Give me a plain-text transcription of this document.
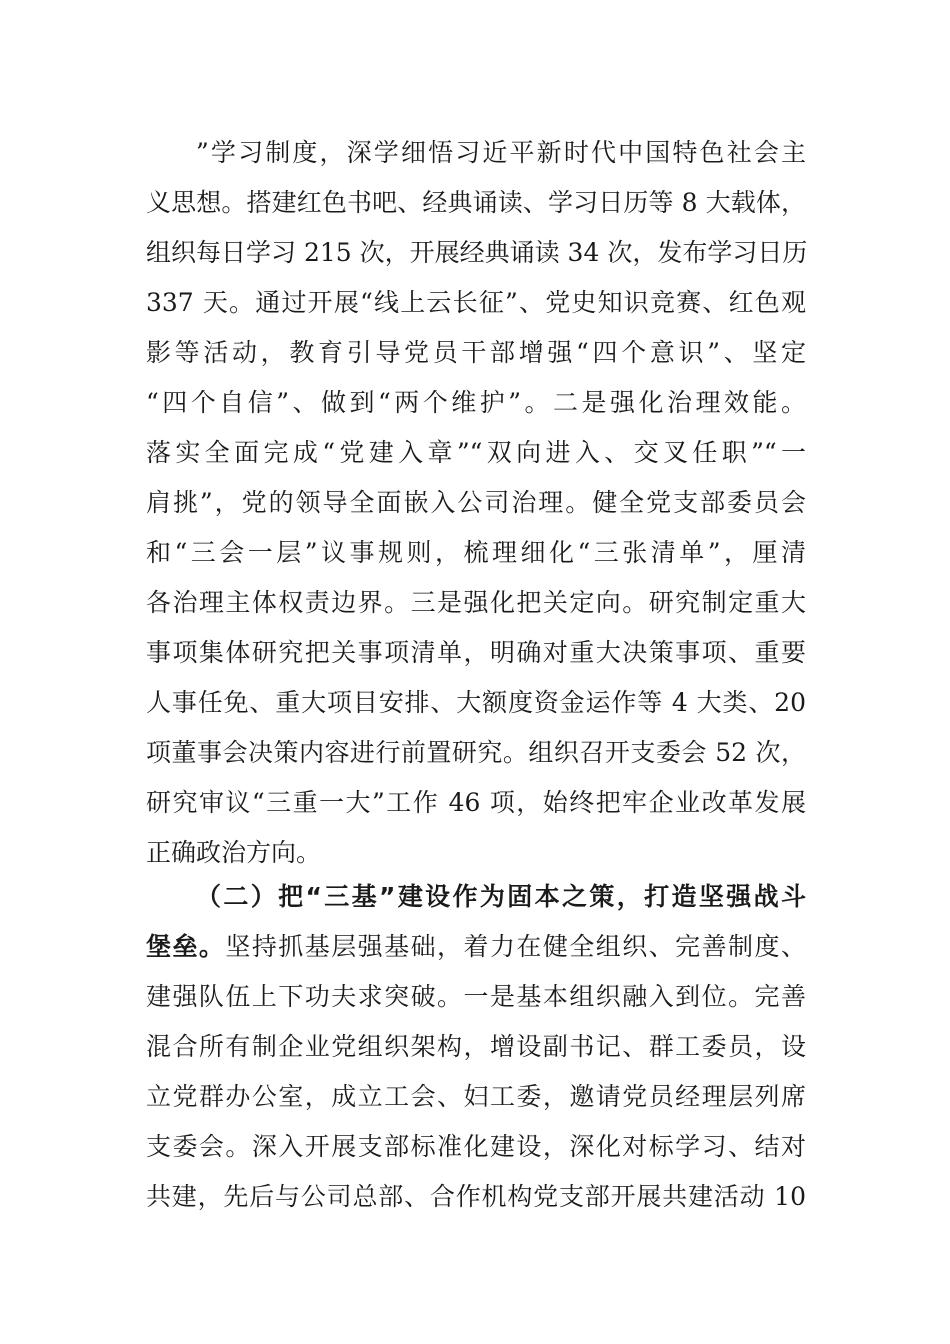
”学习制度，深学细悟习近平新时代中国特色社会主
义思想。搭建红色书吧、经典诵读、学习日历等 8 大载体，
组织每日学习 215 次，开展经典诵读 34 次，发布学习日历
337 天。通过开展“线上云长征”、党史知识竞赛、红色观
影等活动，教育引导党员干部增强“四个意识”、坚定
“四个自信”、做到“两个维护”。二是强化治理效能。
落实全面完成“党建入章”“双向进入、交叉任职”“一
肩挑”，党的领导全面嵌入公司治理。健全党支部委员会
和“三会一层”议事规则，梳理细化“三张清单”，厘清
各治理主体权责边界。三是强化把关定向。研究制定重大
事项集体研究把关事项清单，明确对重大决策事项、重要
人事任免、重大项目安排、大额度资金运作等 4 大类、20
项董事会决策内容进行前置研究。组织召开支委会 52 次，
研究审议“三重一大”工作 46 项，始终把牢企业改革发展
正确政治方向。
（二）把“三基”建设作为固本之策，打造坚强战斗
堡垒。坚持抓基层强基础，着力在健全组织、完善制度、
建强队伍上下功夫求突破。一是基本组织融入到位。完善
混合所有制企业党组织架构，增设副书记、群工委员，设
立党群办公室，成立工会、妇工委，邀请党员经理层列席
支委会。深入开展支部标准化建设，深化对标学习、结对
共建，先后与公司总部、合作机构党支部开展共建活动 10
